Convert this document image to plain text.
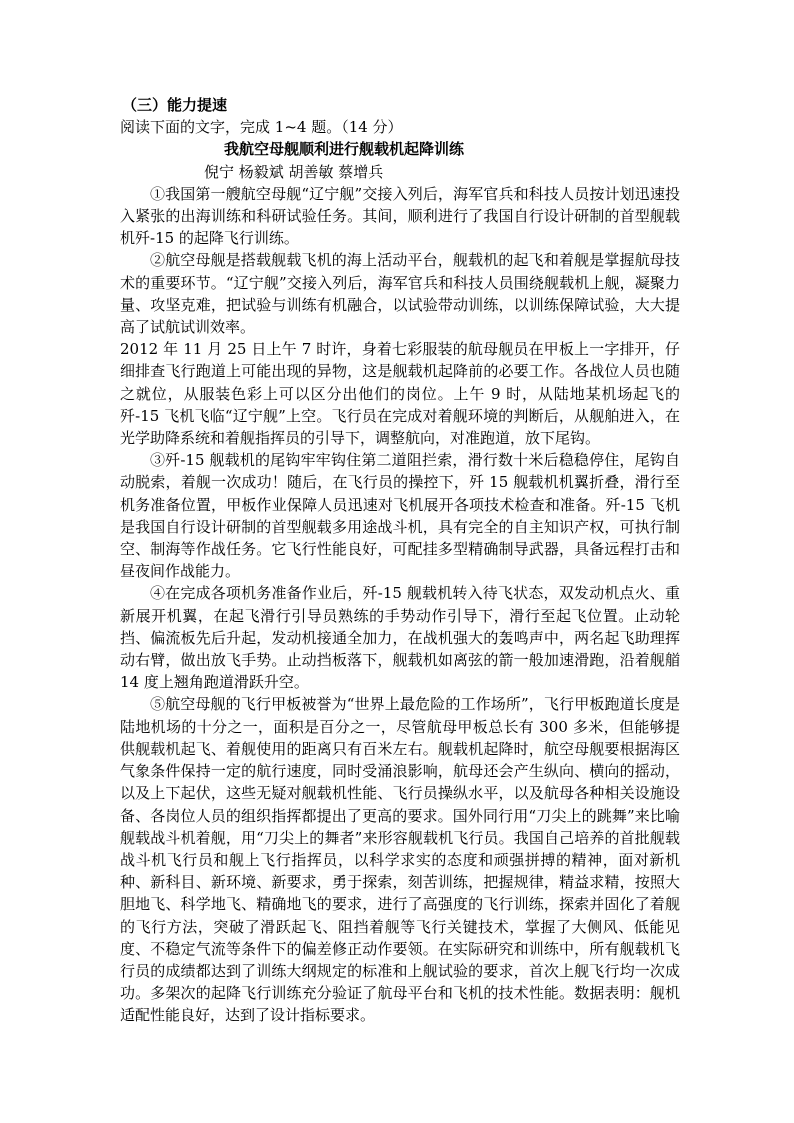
（三）能力提速

阅读下面的文字，完成 1~4 题。（14 分）

我航空母舰顺利进行舰载机起降训练

倪宁 杨毅斌 胡善敏 蔡增兵

①我国第一艘航空母舰“辽宁舰”交接入列后，海军官兵和科技人员按计划迅速投入紧张的出海训练和科研试验任务。其间，顺利进行了我国自行设计研制的首型舰载机歼-15 的起降飞行训练。

②航空母舰是搭载舰载飞机的海上活动平台，舰载机的起飞和着舰是掌握航母技术的重要环节。“辽宁舰”交接入列后，海军官兵和科技人员围绕舰载机上舰，凝聚力量、攻坚克难，把试验与训练有机融合，以试验带动训练，以训练保障试验，大大提高了试航试训效率。

2012 年 11 月 25 日上午 7 时许，身着七彩服装的航母舰员在甲板上一字排开，仔细排查飞行跑道上可能出现的异物，这是舰载机起降前的必要工作。各战位人员也随之就位，从服装色彩上可以区分出他们的岗位。上午 9 时，从陆地某机场起飞的歼-15 飞机飞临“辽宁舰”上空。飞行员在完成对着舰环境的判断后，从舰舶进入，在光学助降系统和着舰指挥员的引导下，调整航向，对准跑道，放下尾钩。

③歼-15 舰载机的尾钩牢牢钩住第二道阻拦索，滑行数十米后稳稳停住，尾钩自动脱索，着舰一次成功！随后，在飞行员的操控下，歼 15 舰载机机翼折叠，滑行至机务准备位置，甲板作业保障人员迅速对飞机展开各项技术检查和准备。歼-15 飞机是我国自行设计研制的首型舰载多用途战斗机，具有完全的自主知识产权，可执行制空、制海等作战任务。它飞行性能良好，可配挂多型精确制导武器，具备远程打击和昼夜间作战能力。

④在完成各项机务准备作业后，歼-15 舰载机转入待飞状态，双发动机点火、重新展开机翼，在起飞滑行引导员熟练的手势动作引导下，滑行至起飞位置。止动轮挡、偏流板先后升起，发动机接通全加力，在战机强大的轰鸣声中，两名起飞助理挥动右臂，做出放飞手势。止动挡板落下，舰载机如离弦的箭一般加速滑跑，沿着舰艏 14 度上翘角跑道滑跃升空。

⑤航空母舰的飞行甲板被誉为“世界上最危险的工作场所”，飞行甲板跑道长度是陆地机场的十分之一，面积是百分之一，尽管航母甲板总长有 300 多米，但能够提供舰载机起飞、着舰使用的距离只有百米左右。舰载机起降时，航空母舰要根据海区气象条件保持一定的航行速度，同时受涌浪影响，航母还会产生纵向、横向的摇动，以及上下起伏，这些无疑对舰载机性能、飞行员操纵水平，以及航母各种相关设施设备、各岗位人员的组织指挥都提出了更高的要求。国外同行用“刀尖上的跳舞”来比喻舰载战斗机着舰，用“刀尖上的舞者”来形容舰载机飞行员。我国自己培养的首批舰载战斗机飞行员和舰上飞行指挥员，以科学求实的态度和顽强拼搏的精神，面对新机种、新科目、新环境、新要求，勇于探索，刻苦训练，把握规律，精益求精，按照大胆地飞、科学地飞、精确地飞的要求，进行了高强度的飞行训练，探索并固化了着舰的飞行方法，突破了滑跃起飞、阻挡着舰等飞行关键技术，掌握了大侧风、低能见度、不稳定气流等条件下的偏差修正动作要领。在实际研究和训练中，所有舰载机飞行员的成绩都达到了训练大纲规定的标准和上舰试验的要求，首次上舰飞行均一次成功。多架次的起降飞行训练充分验证了航母平台和飞机的技术性能。数据表明：舰机适配性能良好，达到了设计指标要求。
